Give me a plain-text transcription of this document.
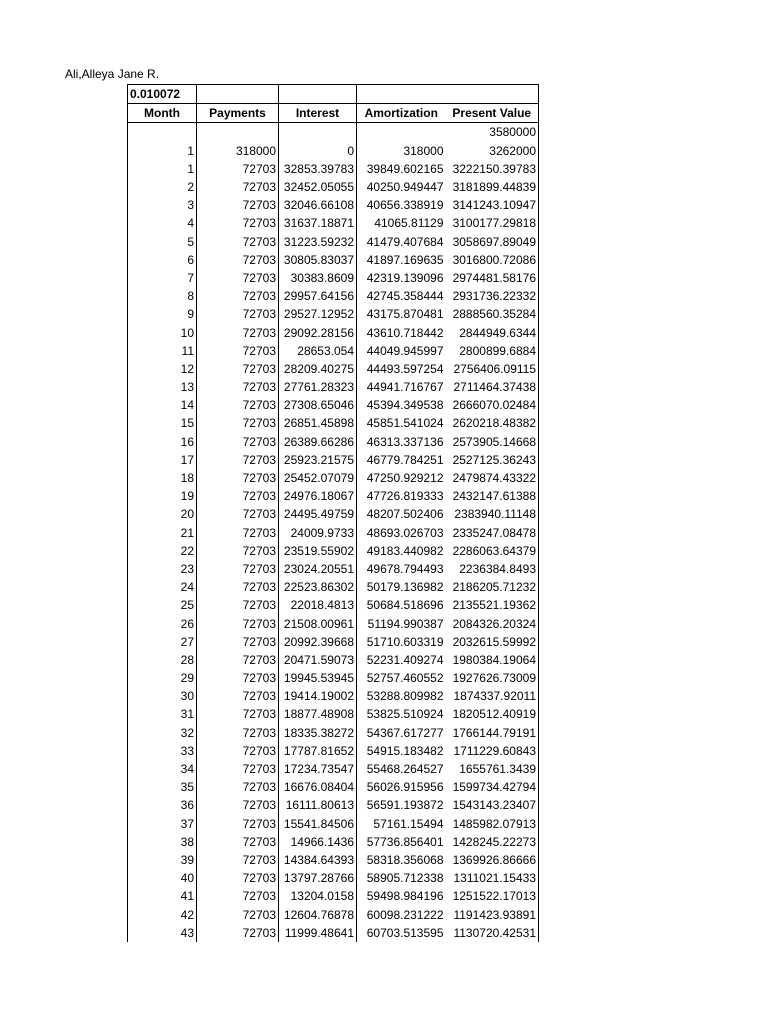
Ali,Alleya Jane R.
0.010072				
Month	Payments	Interest	Amortization	Present Value
				3580000
1	318000	0	318000	3262000
1	72703	32853.39783	39849.602165	3222150.39783
2	72703	32452.05055	40250.949447	3181899.44839
3	72703	32046.66108	40656.338919	3141243.10947
4	72703	31637.18871	41065.81129	3100177.29818
5	72703	31223.59232	41479.407684	3058697.89049
6	72703	30805.83037	41897.169635	3016800.72086
7	72703	30383.8609	42319.139096	2974481.58176
8	72703	29957.64156	42745.358444	2931736.22332
9	72703	29527.12952	43175.870481	2888560.35284
10	72703	29092.28156	43610.718442	2844949.6344
11	72703	28653.054	44049.945997	2800899.6884
12	72703	28209.40275	44493.597254	2756406.09115
13	72703	27761.28323	44941.716767	2711464.37438
14	72703	27308.65046	45394.349538	2666070.02484
15	72703	26851.45898	45851.541024	2620218.48382
16	72703	26389.66286	46313.337136	2573905.14668
17	72703	25923.21575	46779.784251	2527125.36243
18	72703	25452.07079	47250.929212	2479874.43322
19	72703	24976.18067	47726.819333	2432147.61388
20	72703	24495.49759	48207.502406	2383940.11148
21	72703	24009.9733	48693.026703	2335247.08478
22	72703	23519.55902	49183.440982	2286063.64379
23	72703	23024.20551	49678.794493	2236384.8493
24	72703	22523.86302	50179.136982	2186205.71232
25	72703	22018.4813	50684.518696	2135521.19362
26	72703	21508.00961	51194.990387	2084326.20324
27	72703	20992.39668	51710.603319	2032615.59992
28	72703	20471.59073	52231.409274	1980384.19064
29	72703	19945.53945	52757.460552	1927626.73009
30	72703	19414.19002	53288.809982	1874337.92011
31	72703	18877.48908	53825.510924	1820512.40919
32	72703	18335.38272	54367.617277	1766144.79191
33	72703	17787.81652	54915.183482	1711229.60843
34	72703	17234.73547	55468.264527	1655761.3439
35	72703	16676.08404	56026.915956	1599734.42794
36	72703	16111.80613	56591.193872	1543143.23407
37	72703	15541.84506	57161.15494	1485982.07913
38	72703	14966.1436	57736.856401	1428245.22273
39	72703	14384.64393	58318.356068	1369926.86666
40	72703	13797.28766	58905.712338	1311021.15433
41	72703	13204.0158	59498.984196	1251522.17013
42	72703	12604.76878	60098.231222	1191423.93891
43	72703	11999.48641	60703.513595	1130720.42531
